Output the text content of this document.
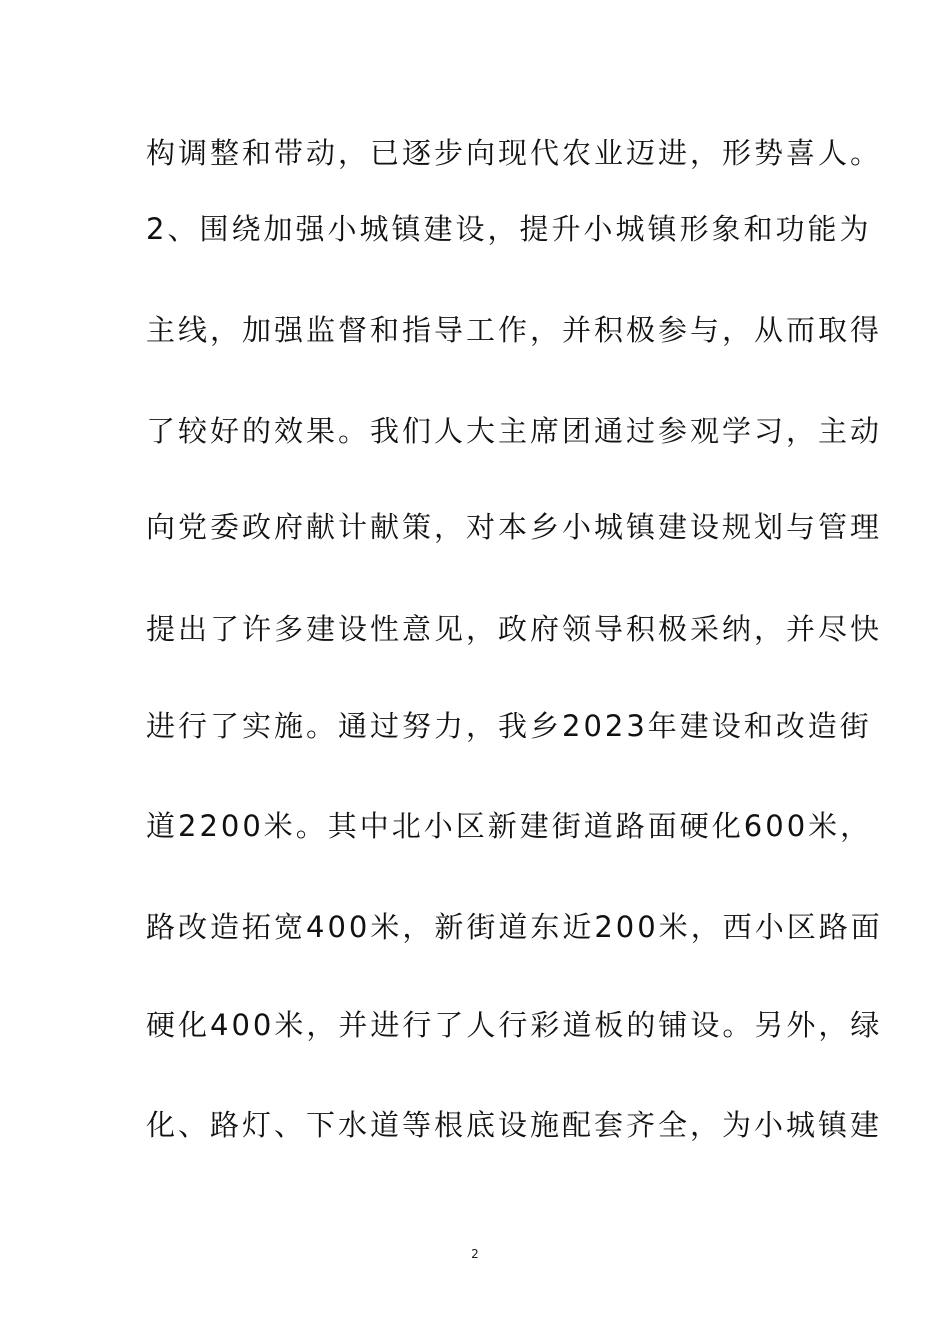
构调整和带动，已逐步向现代农业迈进，形势喜人。
2、围绕加强小城镇建设，提升小城镇形象和功能为
主线，加强监督和指导工作，并积极参与，从而取得
了较好的效果。我们人大主席团通过参观学习，主动
向党委政府献计献策，对本乡小城镇建设规划与管理
提出了许多建设性意见，政府领导积极采纳，并尽快
进行了实施。通过努力，我乡2023年建设和改造街
道2200米。其中北小区新建街道路面硬化600米，
路改造拓宽400米，新街道东近200米，西小区路面
硬化400米，并进行了人行彩道板的铺设。另外，绿
化、路灯、下水道等根底设施配套齐全，为小城镇建
2
